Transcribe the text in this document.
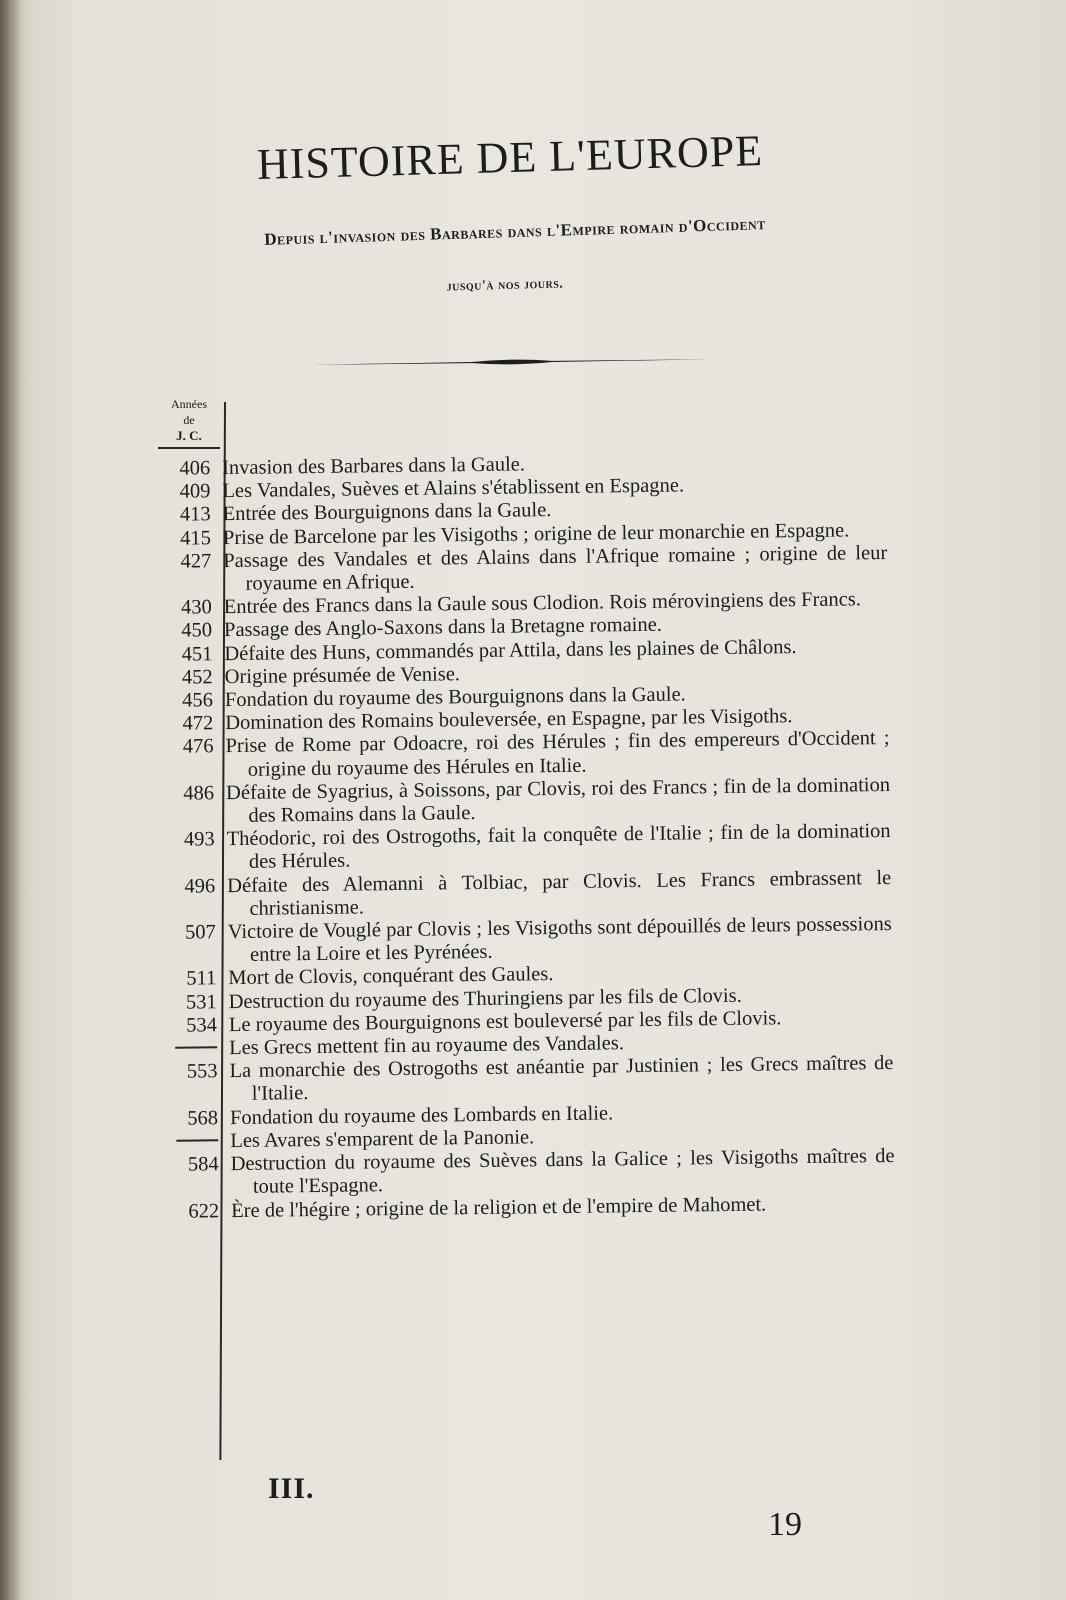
HISTOIRE DE L'EUROPE
Depuis l'invasion des Barbares dans l'Empire romain d'Occident
jusqu'à nos jours.
Années
de
J. C.
406 Invasion des Barbares dans la Gaule.
409 Les Vandales, Suèves et Alains s'établissent en Espagne.
413 Entrée des Bourguignons dans la Gaule.
415 Prise de Barcelone par les Visigoths ; origine de leur monarchie en Espagne.
427 Passage des Vandales et des Alains dans l'Afrique romaine ; origine de leur royaume en Afrique.
430 Entrée des Francs dans la Gaule sous Clodion. Rois mérovingiens des Francs.
450 Passage des Anglo-Saxons dans la Bretagne romaine.
451 Défaite des Huns, commandés par Attila, dans les plaines de Châlons.
452 Origine présumée de Venise.
456 Fondation du royaume des Bourguignons dans la Gaule.
472 Domination des Romains bouleversée, en Espagne, par les Visigoths.
476 Prise de Rome par Odoacre, roi des Hérules ; fin des empereurs d'Occident ; origine du royaume des Hérules en Italie.
486 Défaite de Syagrius, à Soissons, par Clovis, roi des Francs ; fin de la domination des Romains dans la Gaule.
493 Théodoric, roi des Ostrogoths, fait la conquête de l'Italie ; fin de la domination des Hérules.
496 Défaite des Alemanni à Tolbiac, par Clovis. Les Francs embrassent le christianisme.
507 Victoire de Vouglé par Clovis ; les Visigoths sont dépouillés de leurs possessions entre la Loire et les Pyrénées.
511 Mort de Clovis, conquérant des Gaules.
531 Destruction du royaume des Thuringiens par les fils de Clovis.
534 Le royaume des Bourguignons est bouleversé par les fils de Clovis.
Les Grecs mettent fin au royaume des Vandales.
553 La monarchie des Ostrogoths est anéantie par Justinien ; les Grecs maîtres de l'Italie.
568 Fondation du royaume des Lombards en Italie.
Les Avares s'emparent de la Panonie.
584 Destruction du royaume des Suèves dans la Galice ; les Visigoths maîtres de toute l'Espagne.
622 Ère de l'hégire ; origine de la religion et de l'empire de Mahomet.
III.
19
